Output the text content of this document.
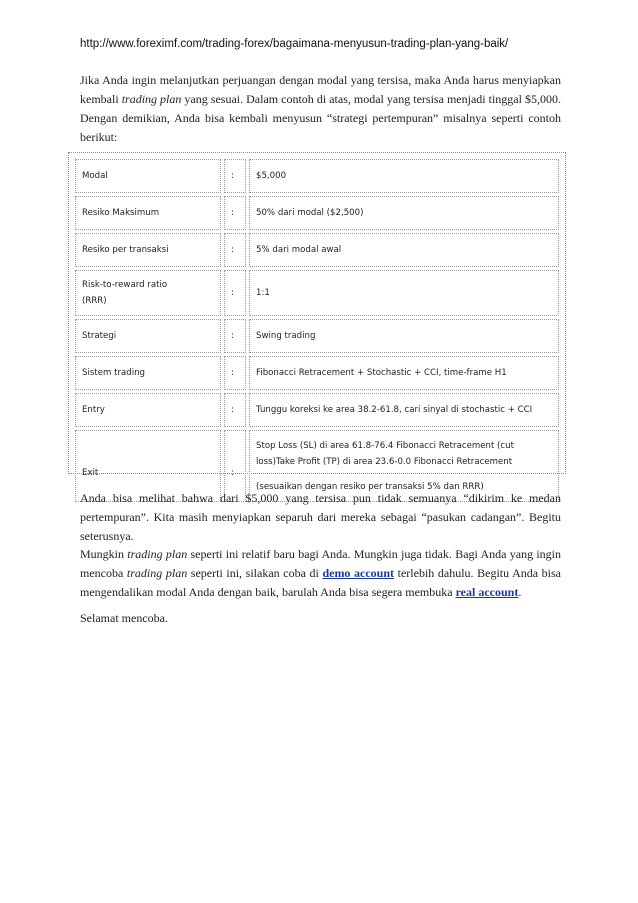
http://www.foreximf.com/trading-forex/bagaimana-menyusun-trading-plan-yang-baik/
Jika Anda ingin melanjutkan perjuangan dengan modal yang tersisa, maka Anda harus menyiapkan kembali trading plan yang sesuai. Dalam contoh di atas, modal yang tersisa menjadi tinggal $5,000. Dengan demikian, Anda bisa kembali menyusun “strategi pertempuran” misalnya seperti contoh berikut:
Modal	:	$5,000
Resiko Maksimum	:	50% dari modal ($2,500)
Resiko per transaksi	:	5% dari modal awal

Risk-to-reward ratio
(RRR)	:	1:1
Strategi	:	Swing trading
Sistem trading	:	Fibonacci Retracement + Stochastic + CCI, time-frame H1
Entry	:	Tunggu koreksi ke area 38.2-61.8, cari sinyal di stochastic + CCI
Exit	:	Stop Loss (SL) di area 61.8-76.4 Fibonacci Retracement (cut
loss)Take Profit (TP) di area 23.6-0.0 Fibonacci Retracement
(sesuaikan dengan resiko per transaksi 5% dan RRR)
Anda bisa melihat bahwa dari $5,000 yang tersisa pun tidak semuanya “dikirim ke medan pertempuran”. Kita masih menyiapkan separuh dari mereka sebagai “pasukan cadangan”. Begitu seterusnya.
Mungkin trading plan seperti ini relatif baru bagi Anda. Mungkin juga tidak. Bagi Anda yang ingin mencoba trading plan seperti ini, silakan coba di demo account terlebih dahulu. Begitu Anda bisa mengendalikan modal Anda dengan baik, barulah Anda bisa segera membuka real account.
Selamat mencoba.
